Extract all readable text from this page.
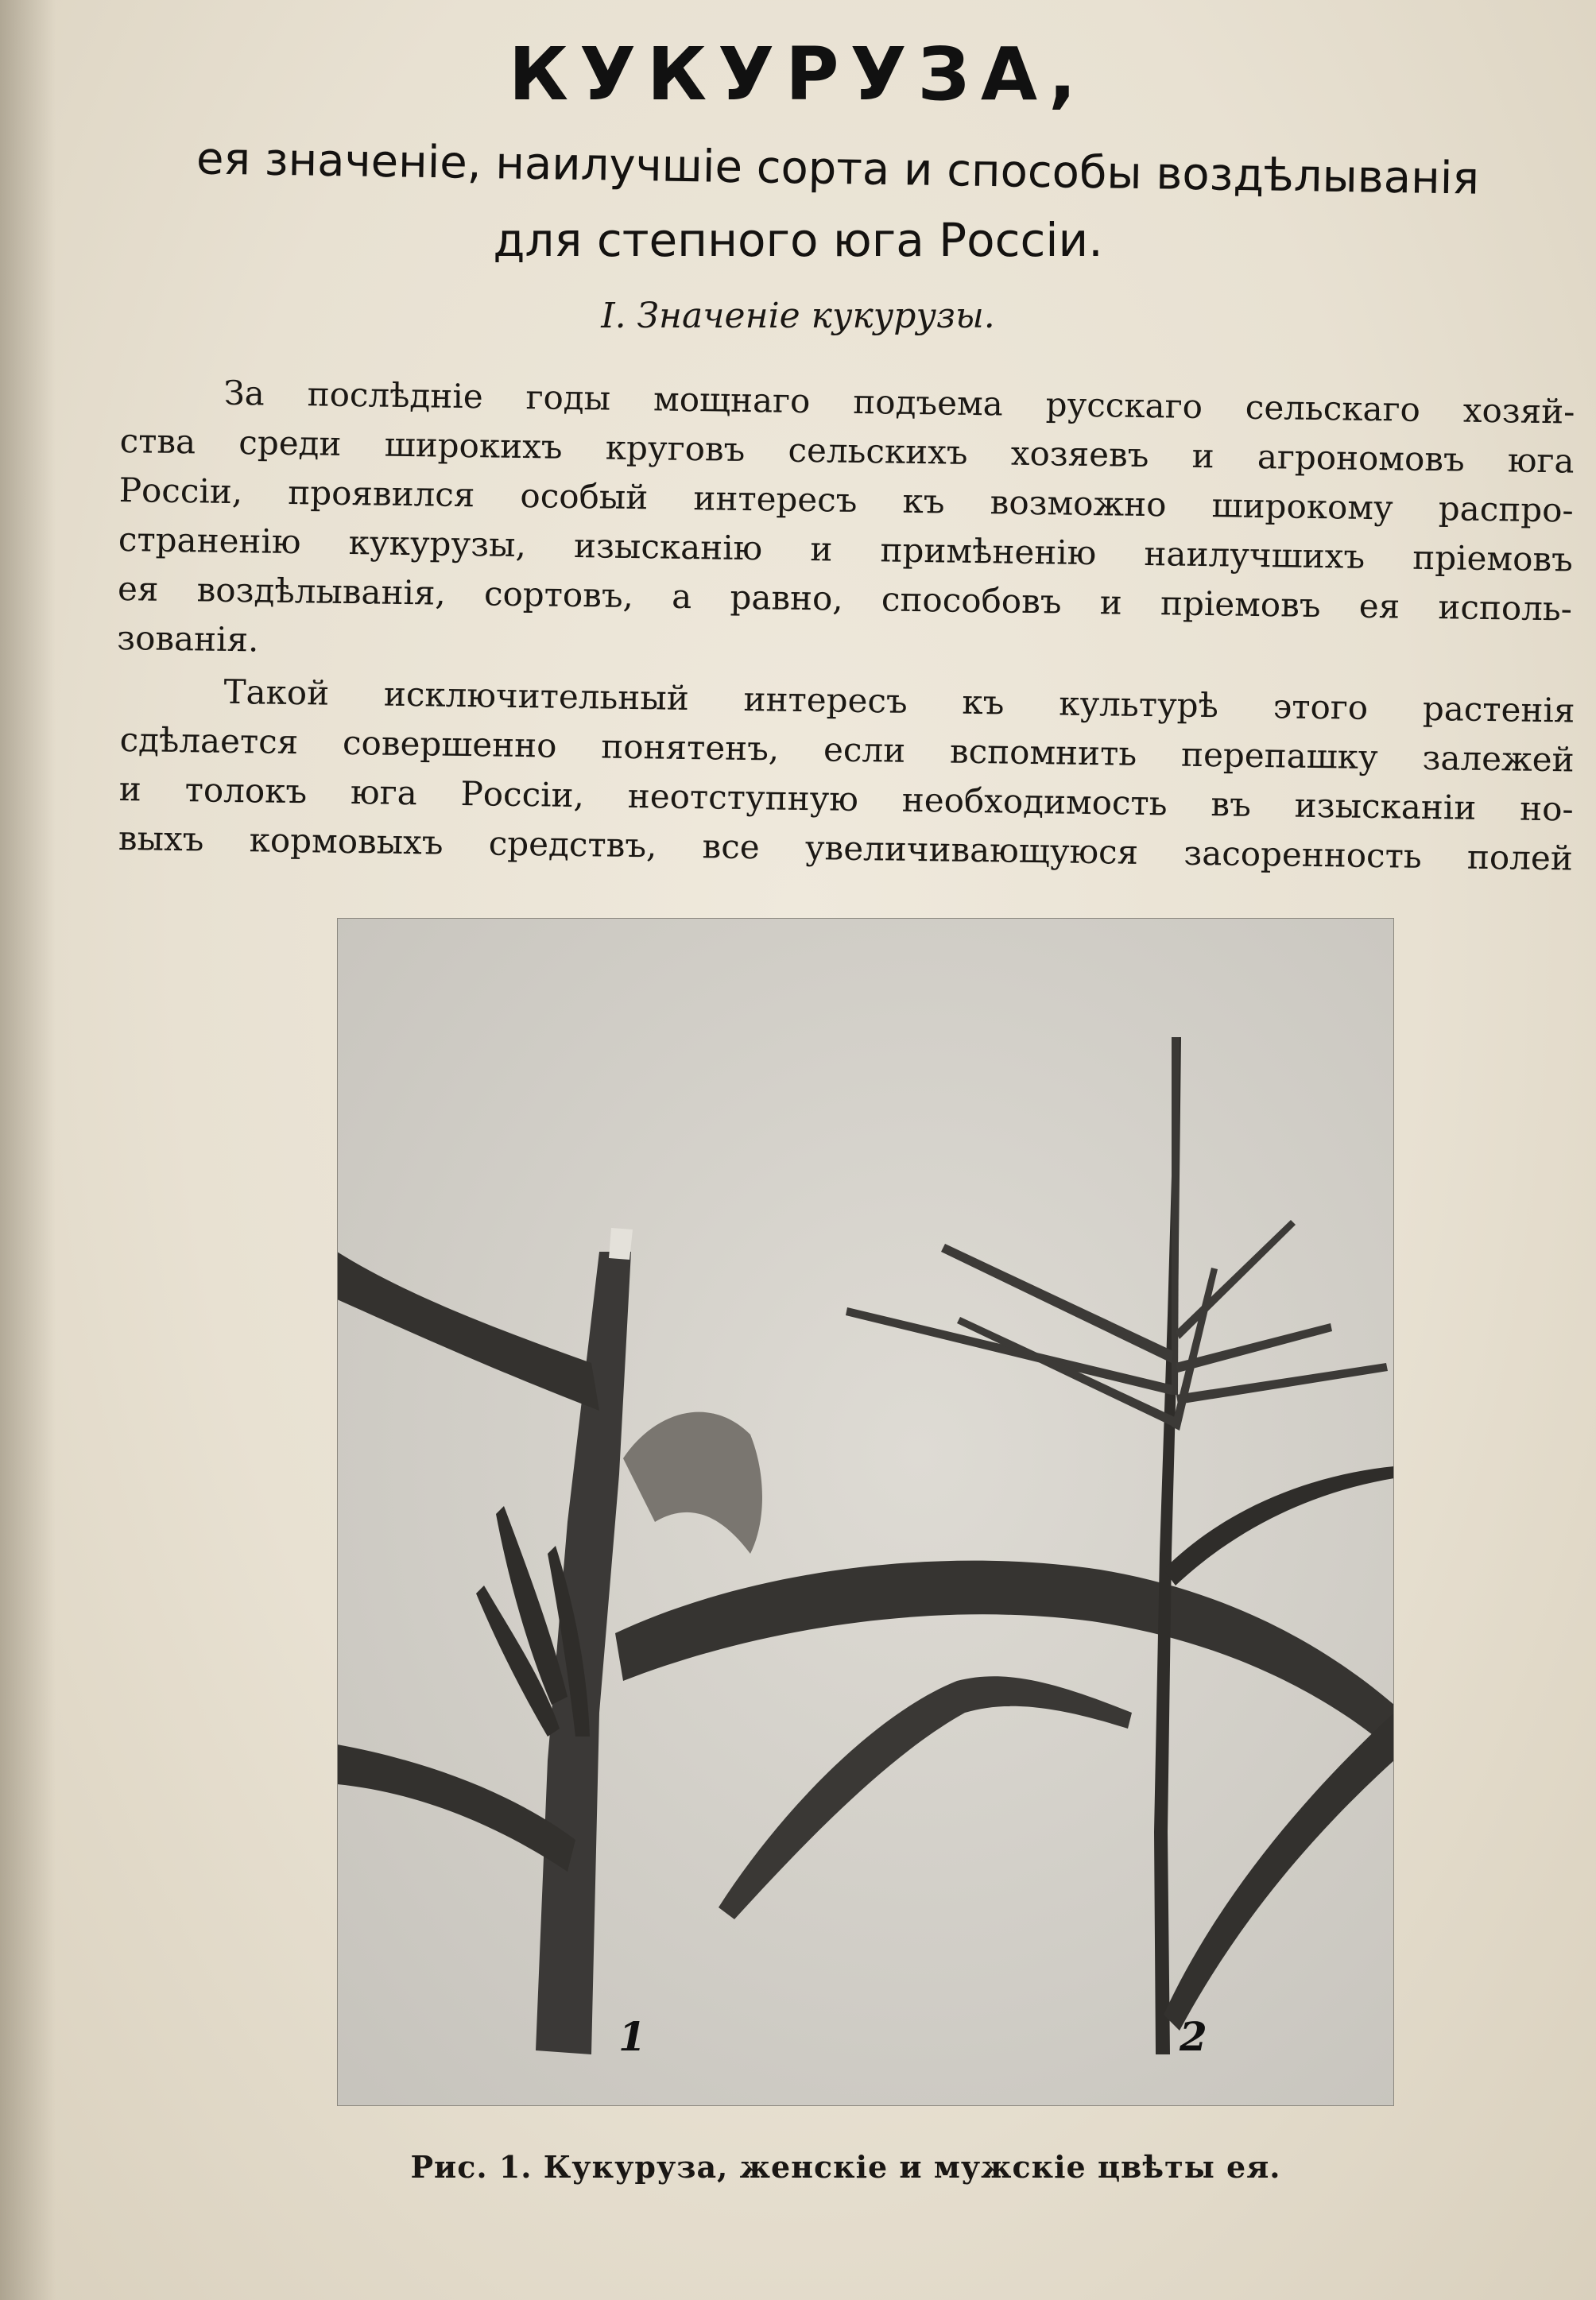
КУКУРУЗА,
ея значенiе, наилучшiе сорта и способы воздѣлыванiя
для степного юга Россiи.
I. Значенiе кукурузы.
За послѣднiе годы мощнаго подъема русскаго сельскаго хозяй-
ства среди широкихъ круговъ сельскихъ хозяевъ и агрономовъ юга
Россiи, проявился особый интересъ къ возможно широкому распро-
страненiю кукурузы, изысканiю и примѣненiю наилучшихъ прiемовъ
ея воздѣлыванiя, сортовъ, а равно, способовъ и прiемовъ ея исполь-
зованiя.
Такой исключительный интересъ къ культурѣ этого растенiя
сдѣлается совершенно понятенъ, если вспомнить перепашку залежей
и толокъ юга Россiи, неотступную необходимость въ изысканiи но-
выхъ кормовыхъ средствъ, все увеличивающуюся засоренность полей
1	2
Рис. 1. Кукуруза, женскiе и мужскiе цвѣты ея.
